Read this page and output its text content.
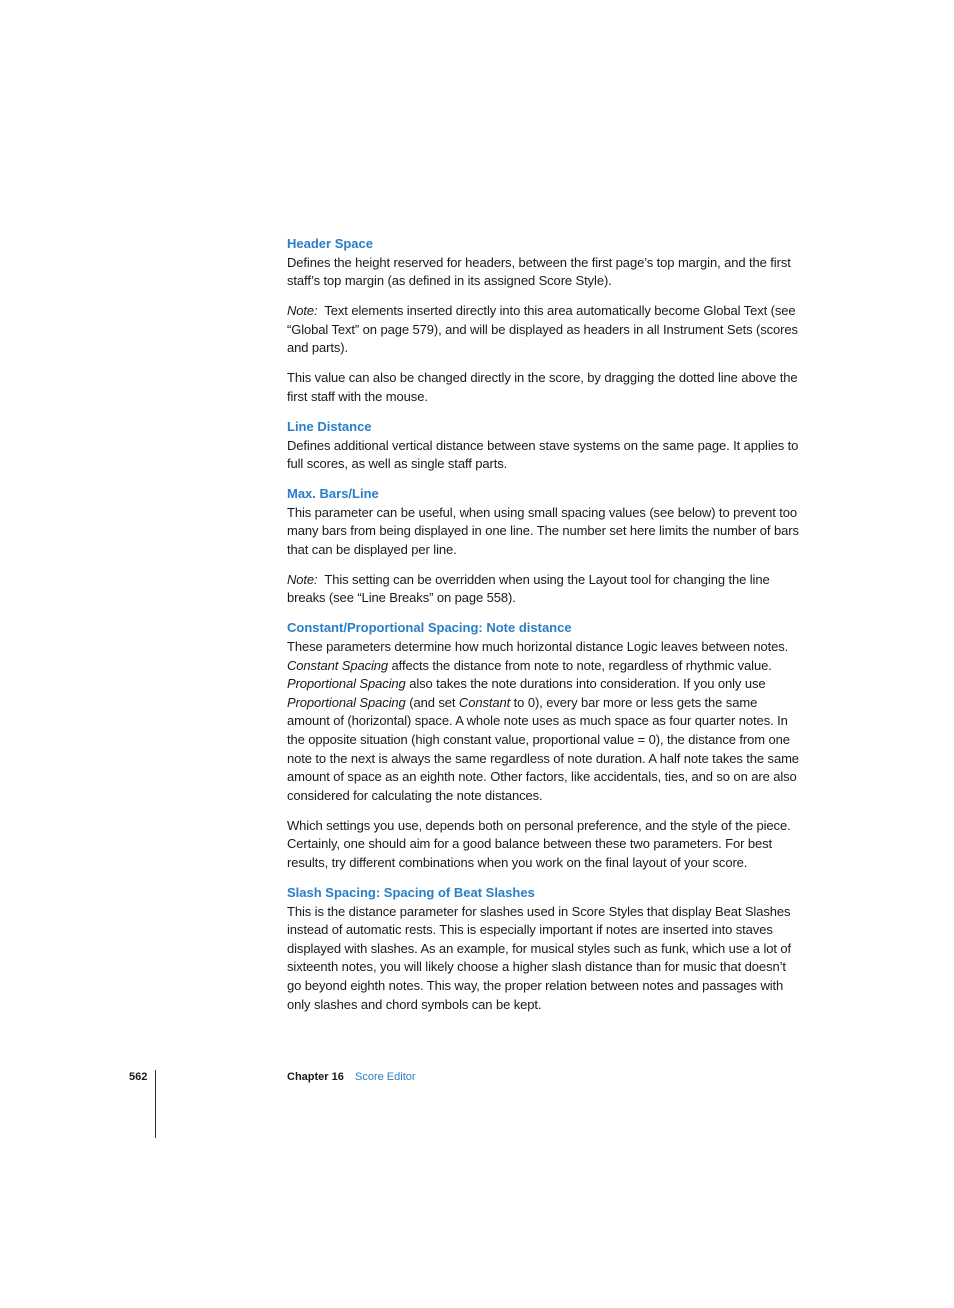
Header Space

Defines the height reserved for headers, between the first page’s top margin, and the first staff’s top margin (as defined in its assigned Score Style).

Note: Text elements inserted directly into this area automatically become Global Text (see “Global Text” on page 579), and will be displayed as headers in all Instrument Sets (scores and parts).

This value can also be changed directly in the score, by dragging the dotted line above the first staff with the mouse.

Line Distance

Defines additional vertical distance between stave systems on the same page. It applies to full scores, as well as single staff parts.

Max. Bars/Line

This parameter can be useful, when using small spacing values (see below) to prevent too many bars from being displayed in one line. The number set here limits the number of bars that can be displayed per line.

Note: This setting can be overridden when using the Layout tool for changing the line breaks (see “Line Breaks” on page 558).

Constant/Proportional Spacing: Note distance

These parameters determine how much horizontal distance Logic leaves between notes. Constant Spacing affects the distance from note to note, regardless of rhythmic value. Proportional Spacing also takes the note durations into consideration. If you only use Proportional Spacing (and set Constant to 0), every bar more or less gets the same amount of (horizontal) space. A whole note uses as much space as four quarter notes. In the opposite situation (high constant value, proportional value = 0), the distance from one note to the next is always the same regardless of note duration. A half note takes the same amount of space as an eighth note. Other factors, like accidentals, ties, and so on are also considered for calculating the note distances.

Which settings you use, depends both on personal preference, and the style of the piece. Certainly, one should aim for a good balance between these two parameters. For best results, try different combinations when you work on the final layout of your score.

Slash Spacing: Spacing of Beat Slashes

This is the distance parameter for slashes used in Score Styles that display Beat Slashes instead of automatic rests. This is especially important if notes are inserted into staves displayed with slashes. As an example, for musical styles such as funk, which use a lot of sixteenth notes, you will likely choose a higher slash distance than for music that doesn’t go beyond eighth notes. This way, the proper relation between notes and passages with only slashes and chord symbols can be kept.

562	Chapter 16 Score Editor
